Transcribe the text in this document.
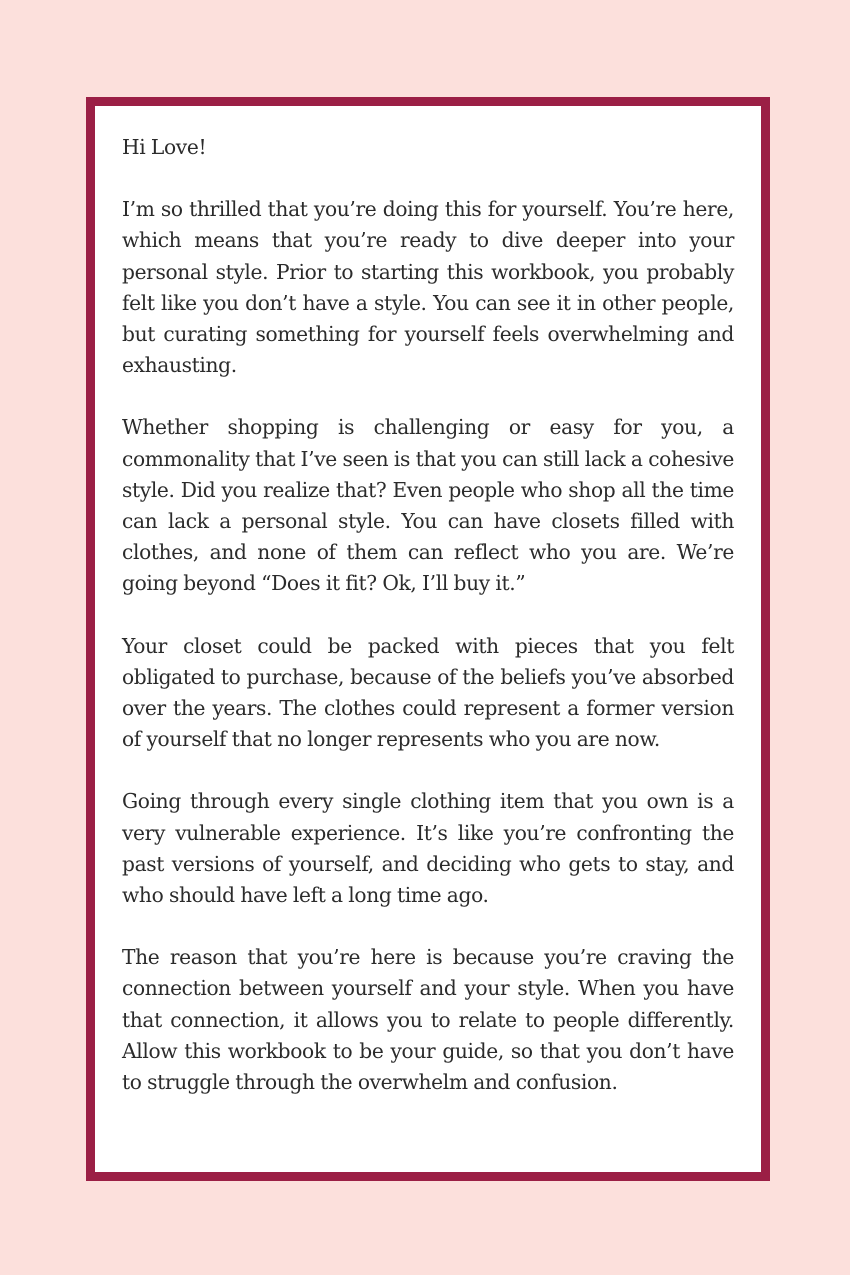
Hi Love!

I’m so thrilled that you’re doing this for yourself. You’re here, which means that you’re ready to dive deeper into your personal style. Prior to starting this workbook, you probably felt like you don’t have a style. You can see it in other people, but curating something for yourself feels overwhelming and exhausting.

Whether shopping is challenging or easy for you, a commonality that I’ve seen is that you can still lack a cohesive style. Did you realize that? Even people who shop all the time can lack a personal style. You can have closets filled with clothes, and none of them can reflect who you are. We’re going beyond “Does it fit? Ok, I’ll buy it.”

Your closet could be packed with pieces that you felt obligated to purchase, because of the beliefs you’ve absorbed over the years. The clothes could represent a former version of yourself that no longer represents who you are now.

Going through every single clothing item that you own is a very vulnerable experience. It’s like you’re confronting the past versions of yourself, and deciding who gets to stay, and who should have left a long time ago.

The reason that you’re here is because you’re craving the connection between yourself and your style. When you have that connection, it allows you to relate to people differently. Allow this workbook to be your guide, so that you don’t have to struggle through the overwhelm and confusion.
